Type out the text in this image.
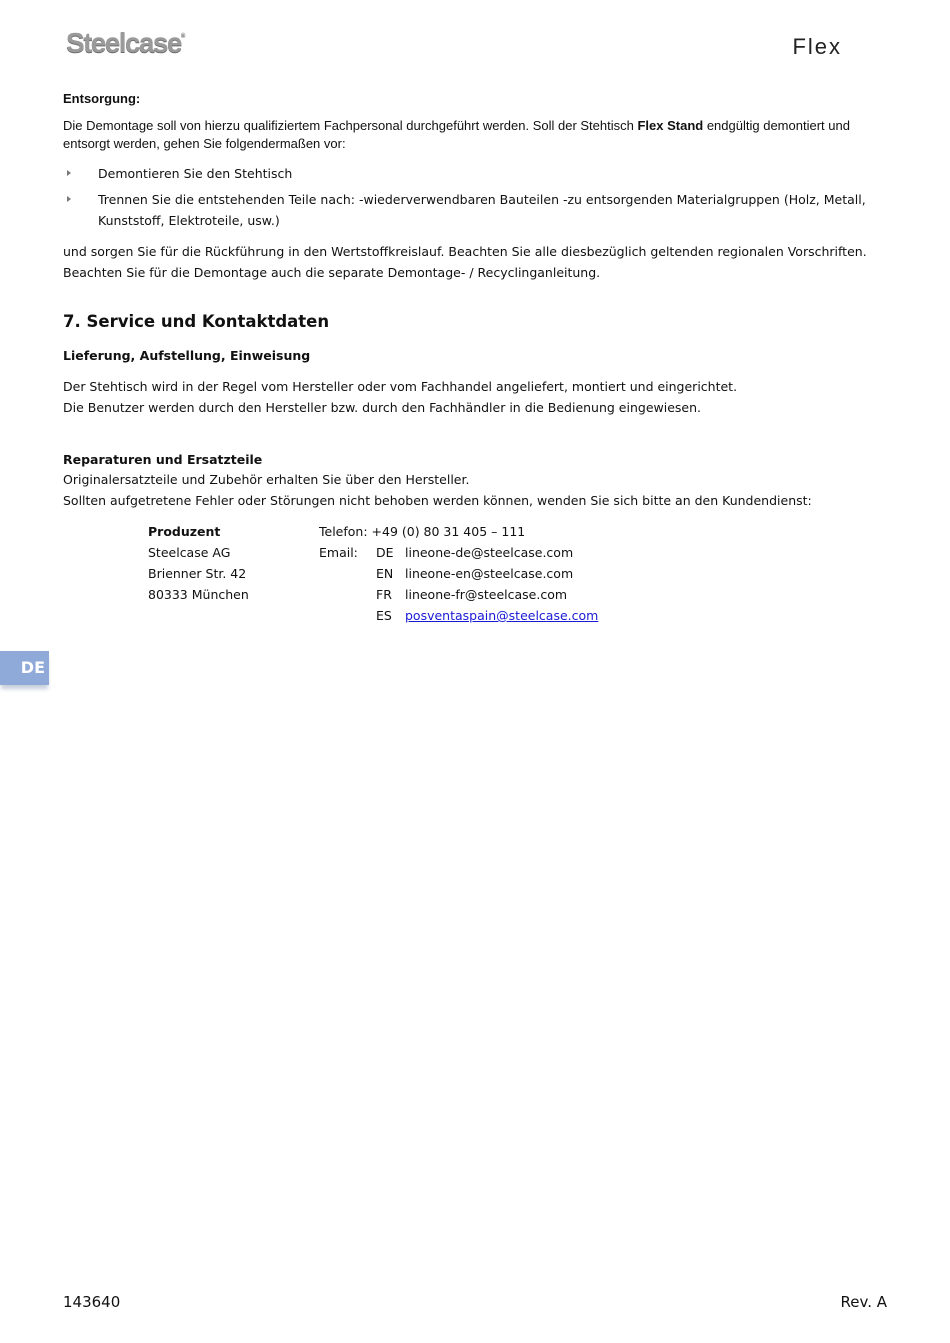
Steelcase®	Flex
Entsorgung:
Die Demontage soll von hierzu qualifiziertem Fachpersonal durchgeführt werden. Soll der Stehtisch Flex Stand endgültig demontiert und entsorgt werden, gehen Sie folgendermaßen vor:
Demontieren Sie den Stehtisch
Trennen Sie die entstehenden Teile nach: -wiederverwendbaren Bauteilen -zu entsorgenden Materialgruppen (Holz, Metall, Kunststoff, Elektroteile, usw.)
und sorgen Sie für die Rückführung in den Wertstoffkreislauf. Beachten Sie alle diesbezüglich geltenden regionalen Vorschriften. Beachten Sie für die Demontage auch die separate Demontage- / Recyclinganleitung.
7. Service und Kontaktdaten
Lieferung, Aufstellung, Einweisung
Der Stehtisch wird in der Regel vom Hersteller oder vom Fachhandel angeliefert, montiert und eingerichtet.
Die Benutzer werden durch den Hersteller bzw. durch den Fachhändler in die Bedienung eingewiesen.
Reparaturen und Ersatzteile
Originalersatzteile und Zubehör erhalten Sie über den Hersteller.
Sollten aufgetretene Fehler oder Störungen nicht behoben werden können, wenden Sie sich bitte an den Kundendienst:
Produzent
Steelcase AG
Brienner Str. 42
80333 München
Telefon: +49 (0) 80 31 405 – 111
Email: DE lineone-de@steelcase.com
EN lineone-en@steelcase.com
FR lineone-fr@steelcase.com
ES posventaspain@steelcase.com
DE
143640	Rev. A
